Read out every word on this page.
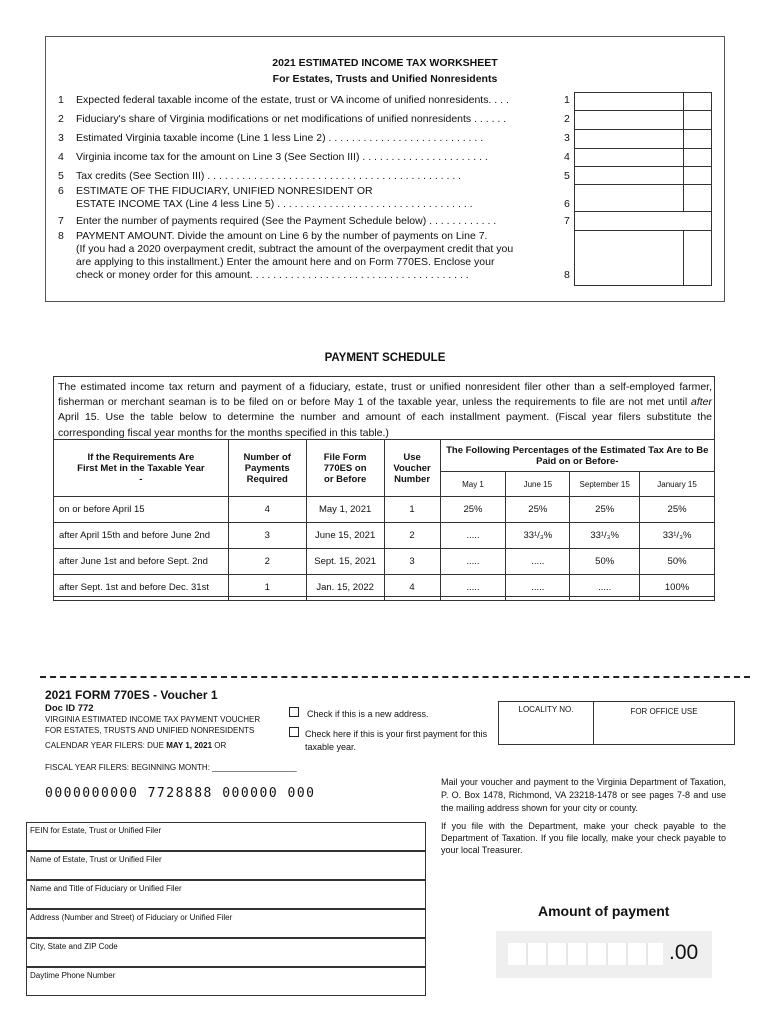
2021 ESTIMATED INCOME TAX WORKSHEET
For Estates, Trusts and Unified Nonresidents
1	Expected federal taxable income of the estate, trust or VA income of unified nonresidents. . . .	1
2	Fiduciary's share of Virginia modifications or net modifications of unified nonresidents . . . . . .	2
3	Estimated Virginia taxable income (Line 1 less Line 2) . . . . . . . . . . . . . . . . . . . . . . . . . . .	3
4	Virginia income tax for the amount on Line 3 (See Section III) . . . . . . . . . . . . . . . . . . . . . .	4
5	Tax credits (See Section III) . . . . . . . . . . . . . . . . . . . . . . . . . . . . . . . . . . . . . . . . . . . .	5
6	ESTIMATE OF THE FIDUCIARY, UNIFIED NONRESIDENT OR
ESTATE INCOME TAX (Line 4 less Line 5) . . . . . . . . . . . . . . . . . . . . . . . . . . . . . . . . . .	6
7	Enter the number of payments required (See the Payment Schedule below) . . . . . . . . . . . .	7
8	PAYMENT AMOUNT. Divide the amount on Line 6 by the number of payments on Line 7.
(If you had a 2020 overpayment credit, subtract the amount of the overpayment credit that you
are applying to this installment.) Enter the amount here and on Form 770ES. Enclose your
check or money order for this amount. . . . . . . . . . . . . . . . . . . . . . . . . . . . . . . . . . . . . .	8
PAYMENT SCHEDULE
The estimated income tax return and payment of a fiduciary, estate, trust or unified nonresident filer other than a self-employed farmer, fisherman or merchant seaman is to be filed on or before May 1 of the taxable year, unless the requirements to file are not met until after April 15. Use the table below to determine the number and amount of each installment payment. (Fiscal year filers substitute the corresponding fiscal year months for the months specified in this table.)
If the Requirements Are First Met in the Taxable Year -	Number of Payments Required	File Form 770ES on or Before	Use Voucher Number	The Following Percentages of the Estimated Tax Are to Be Paid on or Before-			
				May 1	June 15	September 15	January 15
on or before April 15	4	May 1, 2021	1	25%	25%	25%	25%
after April 15th and before June 2nd	3	June 15, 2021	2	.....	33¹/₃%	33¹/₃%	33¹/₃%
after June 1st and before Sept. 2nd	2	Sept. 15, 2021	3	.....	.....	50%	50%
after Sept. 1st and before Dec. 31st	1	Jan. 15, 2022	4	.....	.....	.....	100%
2021 FORM 770ES - Voucher 1
Doc ID 772
VIRGINIA ESTIMATED INCOME TAX PAYMENT VOUCHER
FOR ESTATES, TRUSTS AND UNIFIED NONRESIDENTS
CALENDAR YEAR FILERS: DUE MAY 1, 2021 OR
FISCAL YEAR FILERS: BEGINNING MONTH: ___________________
Check if this is a new address.
Check here if this is your first payment for this taxable year.
LOCALITY NO.	FOR OFFICE USE
0000000000 7728888 000000 000
Mail your voucher and payment to the Virginia Department of Taxation, P. O. Box 1478, Richmond, VA 23218-1478 or see pages 7-8 and use the mailing address shown for your city or county.
If you file with the Department, make your check payable to the Department of Taxation. If you file locally, make your check payable to your local Treasurer.
FEIN for Estate, Trust or Unified Filer
Name of Estate, Trust or Unified Filer
Name and Title of Fiduciary or Unified Filer
Address (Number and Street) of Fiduciary or Unified Filer
City, State and ZIP Code
Daytime Phone Number
Amount of payment
.00
